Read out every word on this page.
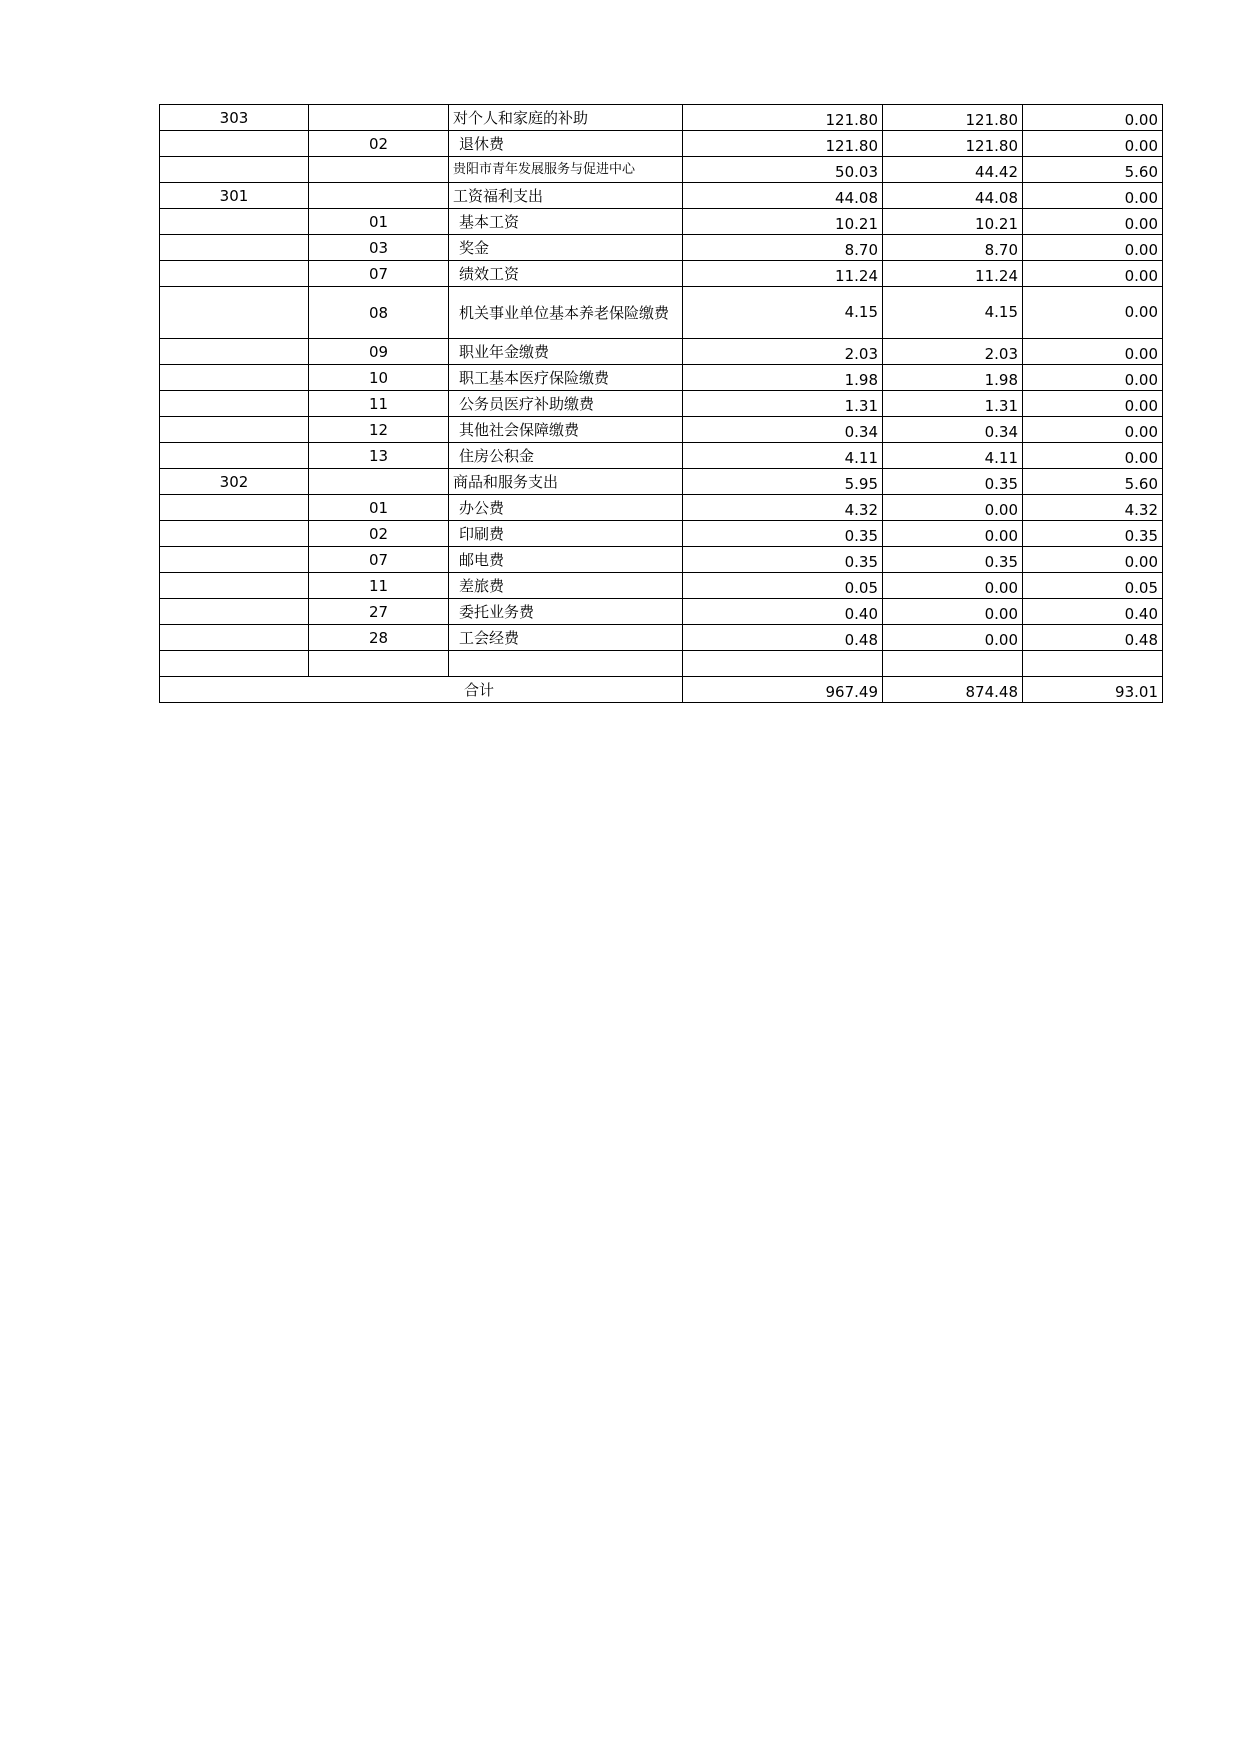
303		对个人和家庭的补助	121.80	121.80	0.00
	02	退休费	121.80	121.80	0.00
		贵阳市青年发展服务与促进中心	50.03	44.42	5.60
301		工资福利支出	44.08	44.08	0.00
	01	基本工资	10.21	10.21	0.00
	03	奖金	8.70	8.70	0.00
	07	绩效工资	11.24	11.24	0.00
	08	机关事业单位基本养老保险缴费	4.15	4.15	0.00
	09	职业年金缴费	2.03	2.03	0.00
	10	职工基本医疗保险缴费	1.98	1.98	0.00
	11	公务员医疗补助缴费	1.31	1.31	0.00
	12	其他社会保障缴费	0.34	0.34	0.00
	13	住房公积金	4.11	4.11	0.00
302		商品和服务支出	5.95	0.35	5.60
	01	办公费	4.32	0.00	4.32
	02	印刷费	0.35	0.00	0.35
	07	邮电费	0.35	0.35	0.00
	11	差旅费	0.05	0.00	0.05
	27	委托业务费	0.40	0.00	0.40
	28	工会经费	0.48	0.00	0.48

合计			967.49	874.48	93.01
